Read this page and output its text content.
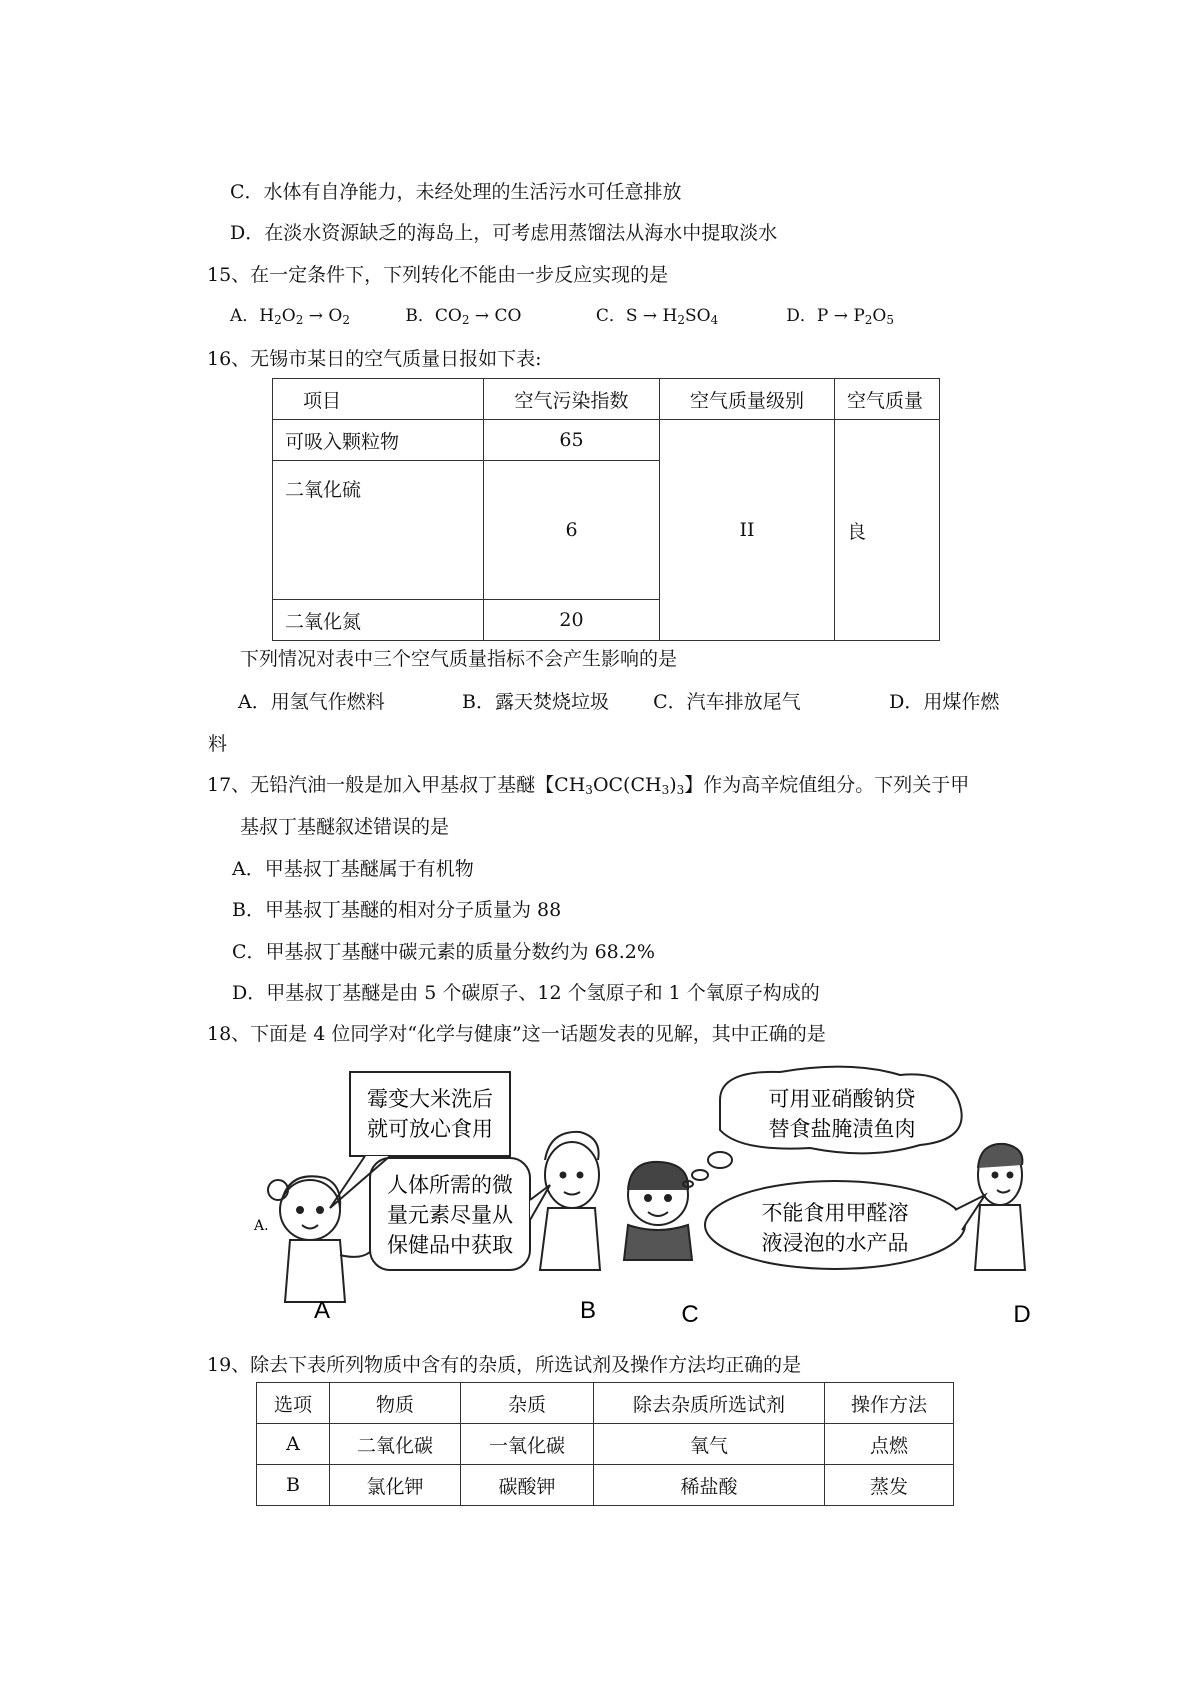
C．水体有自净能力，未经处理的生活污水可任意排放
D．在淡水资源缺乏的海岛上，可考虑用蒸馏法从海水中提取淡水
15、在一定条件下，下列转化不能由一步反应实现的是
A．$H_2O_2 \to O_2$	B．$CO_2$ → CO	C．$S \to H_2SO_4$	D．$P \to P_2O_5$
16、无锡市某日的空气质量日报如下表:
项目	空气污染指数	空气质量级别	空气质量
可吸入颗粒物	65	II	良
二氧化硫	6		
二氧化氮	20		
下列情况对表中三个空气质量指标不会产生影响的是
A．用氢气作燃料	B．露天焚烧垃圾 C．汽车排放尾气	D．用煤作燃
料
17、无铅汽油一般是加入甲基叔丁基醚【$CH_3OC(CH_3)_3$】作为高辛烷值组分。下列关于甲
基叔丁基醚叙述错误的是
A．甲基叔丁基醚属于有机物
B．甲基叔丁基醚的相对分子质量为 88
C．甲基叔丁基醚中碳元素的质量分数约为 68.2%
D．甲基叔丁基醚是由 5 个碳原子、12 个氢原子和 1 个氧原子构成的
18、下面是 4 位同学对“化学与健康”这一话题发表的见解，其中正确的是
霉变大米洗后
就可放心食用
人体所需的微
量元素尽量从
保健品中获取
可用亚硝酸钠贷
替食盐腌渍鱼肉
不能食用甲醛溶
液浸泡的水产品
A.
A	B	C	D
19、除去下表所列物质中含有的杂质，所选试剂及操作方法均正确的是
选项	物质	杂质	除去杂质所选试剂	操作方法
A	二氧化碳	一氧化碳	氧气	点燃
B	氯化钾	碳酸钾	稀盐酸	蒸发
